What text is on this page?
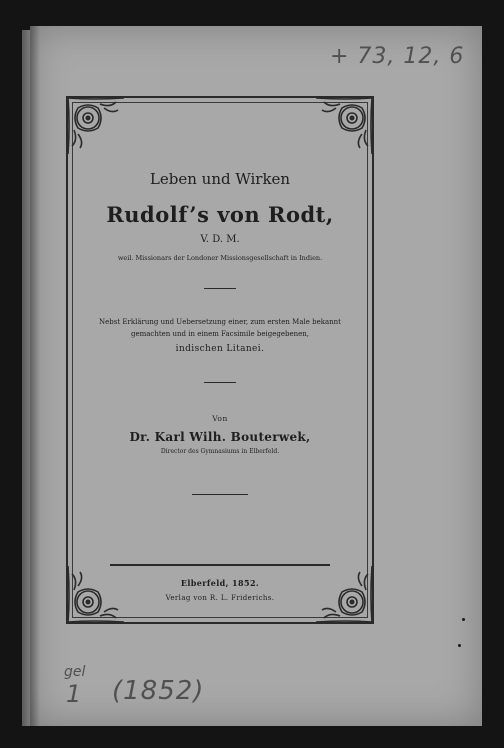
+ 73, 12, 6
Leben und Wirken
Rudolf’s von Rodt,
V. D. M.
weil. Missionars der Londoner Missionsgesellschaft in Indien.
Nebst Erklärung und Uebersetzung einer, zum ersten Male bekannt
gemachten und in einem Facsimile beigegebenen,
indischen Litanei.
Von
Dr. Karl Wilh. Bouterwek,
Director des Gymnasiums in Elberfeld.
Elberfeld, 1852.
Verlag von R. L. Friderichs.
gel
1 (1852)
